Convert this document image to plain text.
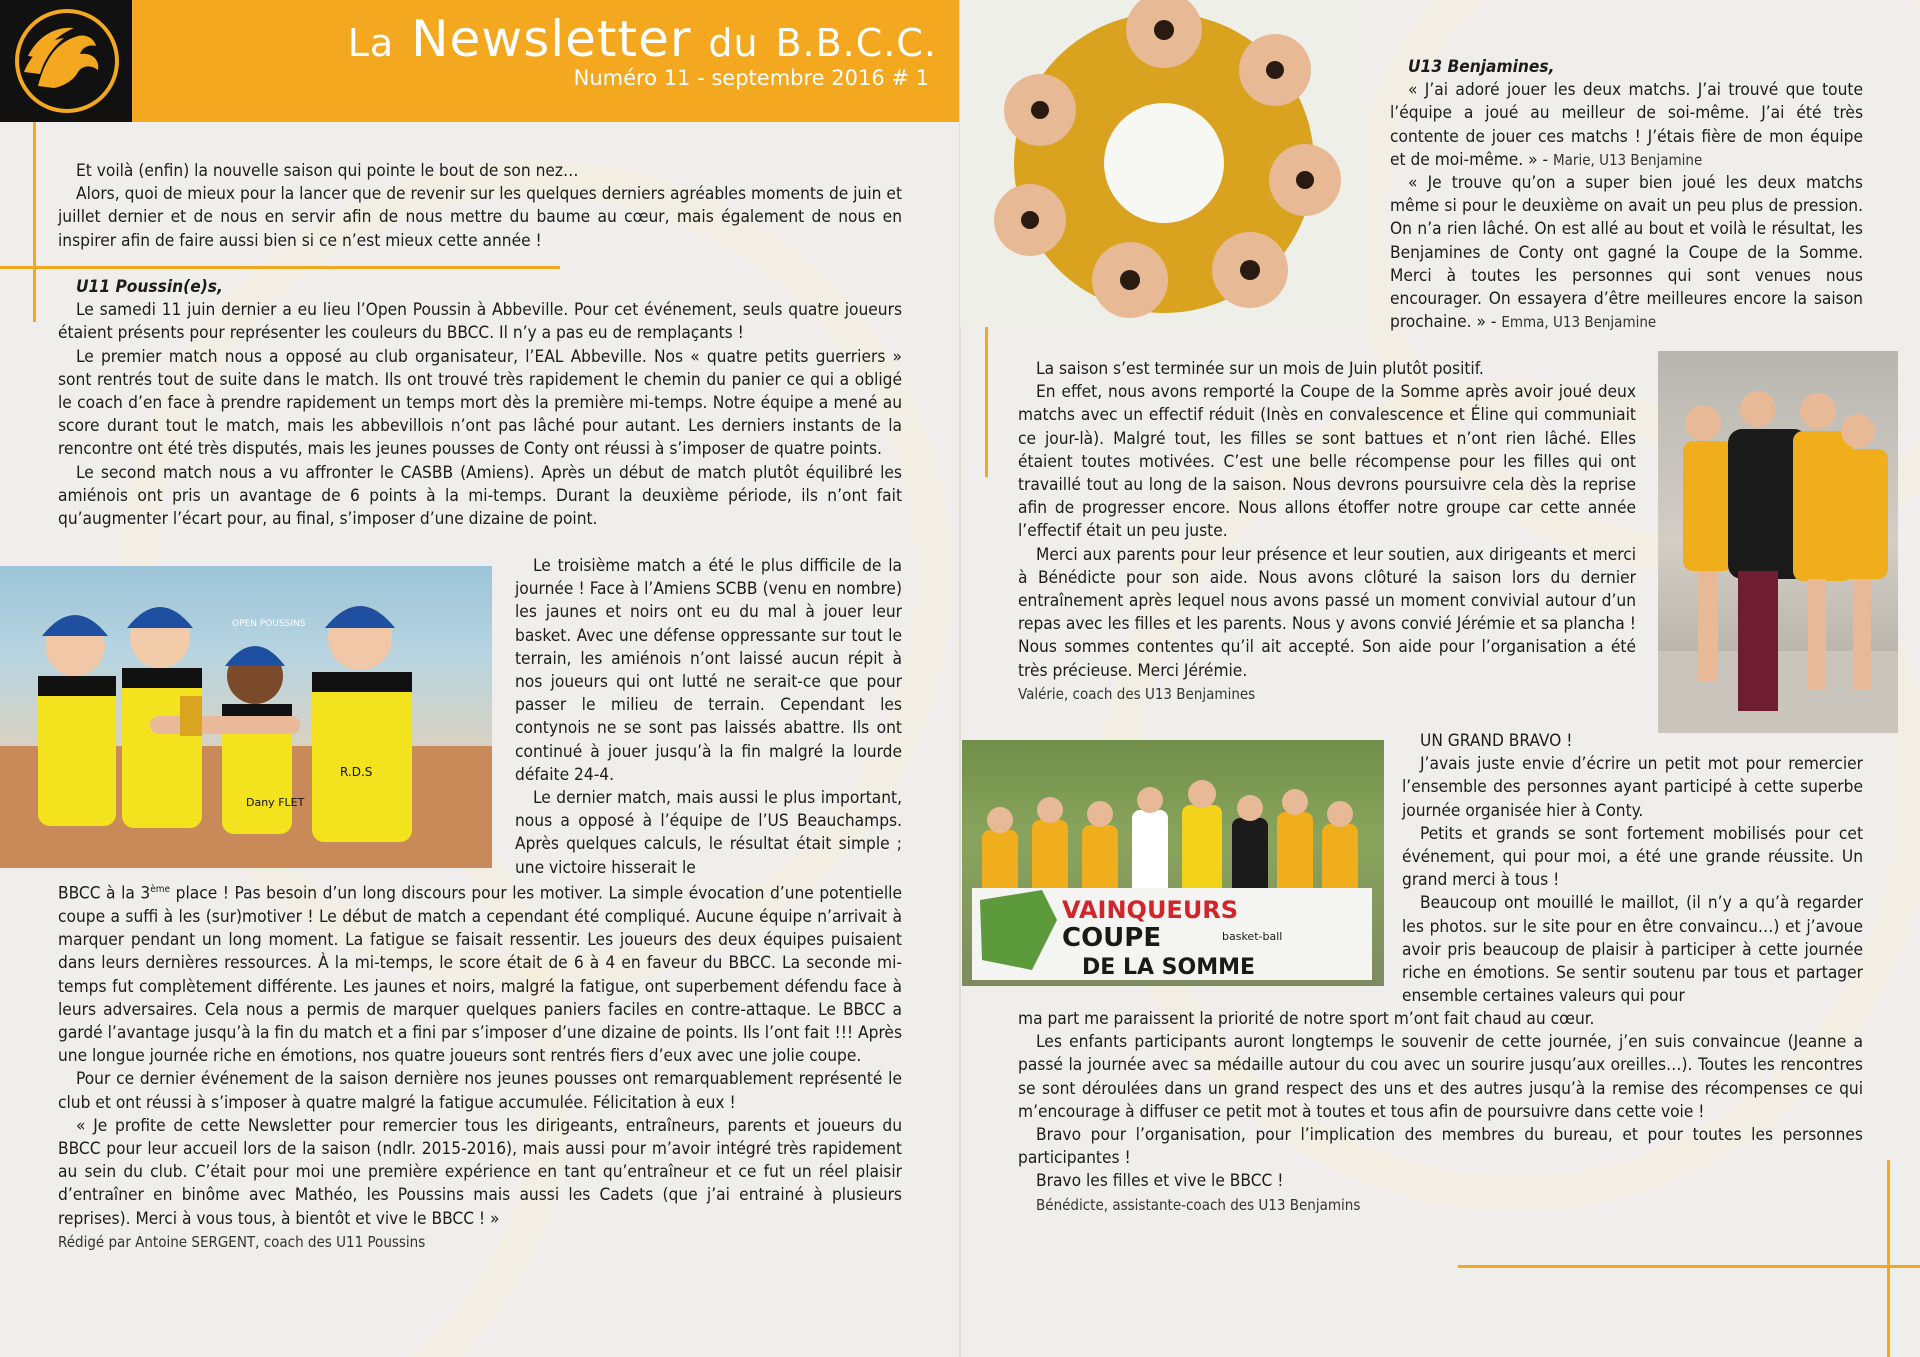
La Newsletter du B.B.C.C.
Numéro 11 - septembre 2016 # 1

Et voilà (enfin) la nouvelle saison qui pointe le bout de son nez…

Alors, quoi de mieux pour la lancer que de revenir sur les quelques derniers agréables moments de juin et juillet dernier et de nous en servir afin de nous mettre du baume au cœur, mais également de nous en inspirer afin de faire aussi bien si ce n’est mieux cette année !

U11 Poussin(e)s,

Le samedi 11 juin dernier a eu lieu l’Open Poussin à Abbeville. Pour cet événement, seuls quatre joueurs étaient présents pour représenter les couleurs du BBCC. Il n’y a pas eu de remplaçants !

Le premier match nous a opposé au club organisateur, l’EAL Abbeville. Nos « quatre petits guerriers » sont rentrés tout de suite dans le match. Ils ont trouvé très rapidement le chemin du panier ce qui a obligé le coach d’en face à prendre rapidement un temps mort dès la première mi-temps. Notre équipe a mené au score durant tout le match, mais les abbevillois n’ont pas lâché pour autant. Les derniers instants de la rencontre ont été très disputés, mais les jeunes pousses de Conty ont réussi à s’imposer de quatre points.

Le second match nous a vu affronter le CASBB (Amiens). Après un début de match plutôt équilibré les amiénois ont pris un avantage de 6 points à la mi-temps. Durant la deuxième période, ils n’ont fait qu’augmenter l’écart pour, au final, s’imposer d’une dizaine de point.

OPEN POUSSINS
R.D.S
Dany FLET

Le troisième match a été le plus difficile de la journée ! Face à l’Amiens SCBB (venu en nombre) les jaunes et noirs ont eu du mal à jouer leur basket. Avec une défense oppressante sur tout le terrain, les amiénois n’ont laissé aucun répit à nos joueurs qui ont lutté ne serait-ce que pour passer le milieu de terrain. Cependant les contynois ne se sont pas laissés abattre. Ils ont continué à jouer jusqu’à la fin malgré la lourde défaite 24-4.

Le dernier match, mais aussi le plus important, nous a opposé à l’équipe de l’US Beauchamps. Après quelques calculs, le résultat était simple ; une victoire hisserait le

BBCC à la 3ème place ! Pas besoin d’un long discours pour les motiver. La simple évocation d’une potentielle coupe a suffi à les (sur)motiver ! Le début de match a cependant été compliqué. Aucune équipe n’arrivait à marquer pendant un long moment. La fatigue se faisait ressentir. Les joueurs des deux équipes puisaient dans leurs dernières ressources. À la mi-temps, le score était de 6 à 4 en faveur du BBCC. La seconde mi-temps fut complètement différente. Les jaunes et noirs, malgré la fatigue, ont superbement défendu face à leurs adversaires. Cela nous a permis de marquer quelques paniers faciles en contre-attaque. Le BBCC a gardé l’avantage jusqu’à la fin du match et a fini par s’imposer d’une dizaine de points. Ils l’ont fait !!! Après une longue journée riche en émotions, nos quatre joueurs sont rentrés fiers d’eux avec une jolie coupe.

Pour ce dernier événement de la saison dernière nos jeunes pousses ont remarquablement représenté le club et ont réussi à s’imposer à quatre malgré la fatigue accumulée. Félicitation à eux !

« Je profite de cette Newsletter pour remercier tous les dirigeants, entraîneurs, parents et joueurs du BBCC pour leur accueil lors de la saison (ndlr. 2015-2016), mais aussi pour m’avoir intégré très rapidement au sein du club. C’était pour moi une première expérience en tant qu’entraîneur et ce fut un réel plaisir d’entraîner en binôme avec Mathéo, les Poussins mais aussi les Cadets (que j’ai entrainé à plusieurs reprises). Merci à vous tous, à bientôt et vive le BBCC ! »

Rédigé par Antoine SERGENT, coach des U11 Poussins

U13 Benjamines,

« J’ai adoré jouer les deux matchs. J’ai trouvé que toute l’équipe a joué au meilleur de soi-même. J’ai été très contente de jouer ces matchs ! J’étais fière de mon équipe et de moi-même. » - Marie, U13 Benjamine

« Je trouve qu’on a super bien joué les deux matchs même si pour le deuxième on avait un peu plus de pression. On n’a rien lâché. On est allé au bout et voilà le résultat, les Benjamines de Conty ont gagné la Coupe de la Somme. Merci à toutes les personnes qui sont venues nous encourager. On essayera d’être meilleures encore la saison prochaine. » - Emma, U13 Benjamine

La saison s’est terminée sur un mois de Juin plutôt positif.

En effet, nous avons remporté la Coupe de la Somme après avoir joué deux matchs avec un effectif réduit (Inès en convalescence et Éline qui communiait ce jour-là). Malgré tout, les filles se sont battues et n’ont rien lâché. Elles étaient toutes motivées. C’est une belle récompense pour les filles qui ont travaillé tout au long de la saison. Nous devrons poursuivre cela dès la reprise afin de progresser encore. Nous allons étoffer notre groupe car cette année l’effectif était un peu juste.

Merci aux parents pour leur présence et leur soutien, aux dirigeants et merci à Bénédicte pour son aide. Nous avons clôturé la saison lors du dernier entraînement après lequel nous avons passé un moment convivial autour d’un repas avec les filles et les parents. Nous y avons convié Jérémie et sa plancha ! Nous sommes contentes qu’il ait accepté. Son aide pour l’organisation a été très précieuse. Merci Jérémie.

Valérie, coach des U13 Benjamines

VAINQUEURS
COUPE	basket-ball
DE LA SOMME

UN GRAND BRAVO !

J’avais juste envie d’écrire un petit mot pour remercier l’ensemble des personnes ayant participé à cette superbe journée organisée hier à Conty.

Petits et grands se sont fortement mobilisés pour cet événement, qui pour moi, a été une grande réussite. Un grand merci à tous !

Beaucoup ont mouillé le maillot, (il n’y a qu’à regarder les photos. sur le site pour en être convaincu…) et j’avoue avoir pris beaucoup de plaisir à participer à cette journée riche en émotions. Se sentir soutenu par tous et partager ensemble certaines valeurs qui pour

ma part me paraissent la priorité de notre sport m’ont fait chaud au cœur.

Les enfants participants auront longtemps le souvenir de cette journée, j’en suis convaincue (Jeanne a passé la journée avec sa médaille autour du cou avec un sourire jusqu’aux oreilles…). Toutes les rencontres se sont déroulées dans un grand respect des uns et des autres jusqu’à la remise des récompenses ce qui m’encourage à diffuser ce petit mot à toutes et tous afin de poursuivre dans cette voie !

Bravo pour l’organisation, pour l’implication des membres du bureau, et pour toutes les personnes participantes !

Bravo les filles et vive le BBCC !

Bénédicte, assistante-coach des U13 Benjamins
